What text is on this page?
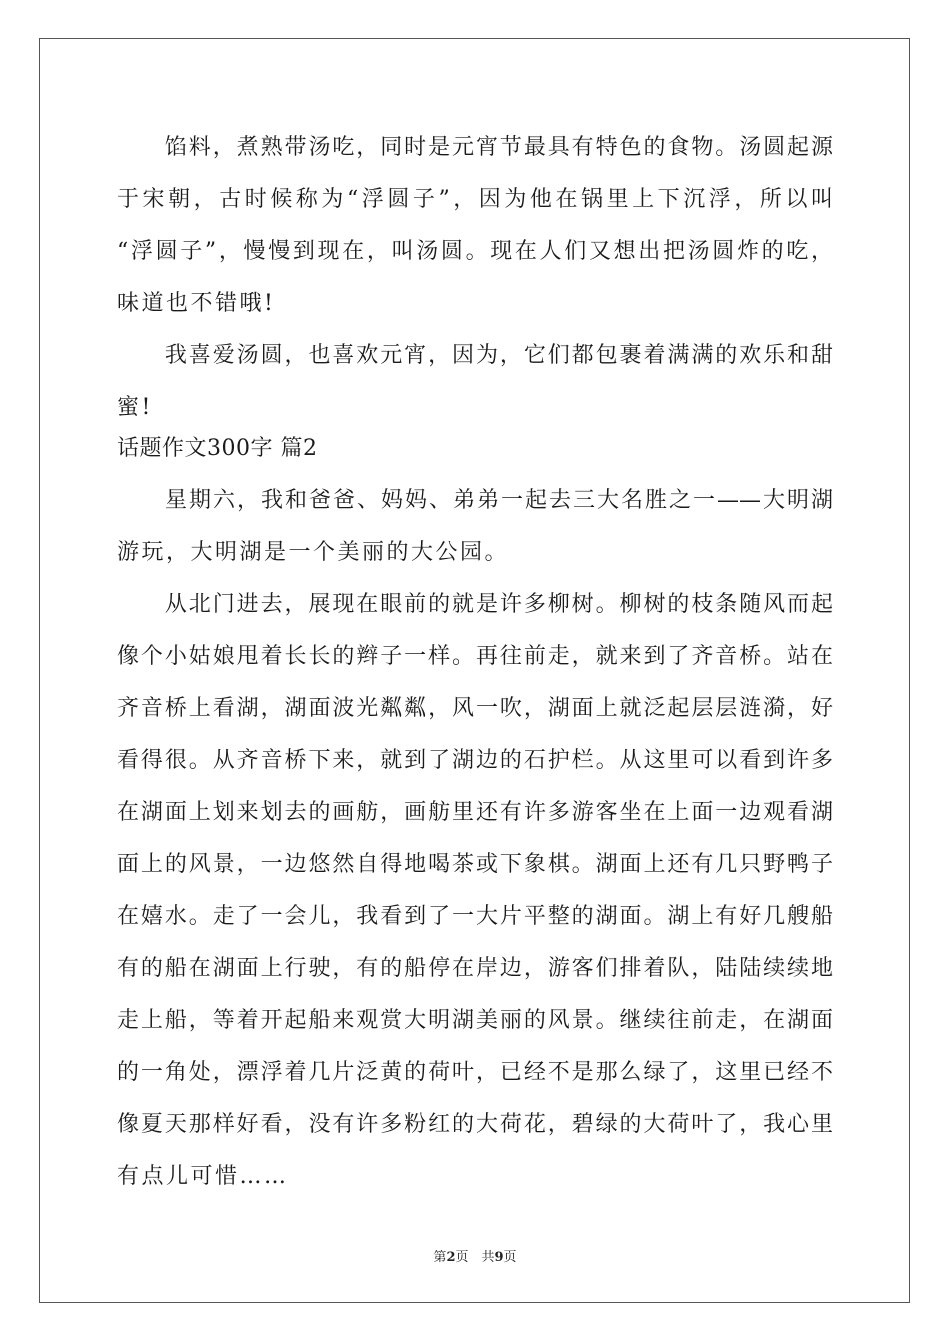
　　馅料，煮熟带汤吃，同时是元宵节最具有特色的食物。汤圆起源
于宋朝，古时候称为“浮圆子”，因为他在锅里上下沉浮，所以叫
“浮圆子”，慢慢到现在，叫汤圆。现在人们又想出把汤圆炸的吃，
味道也不错哦!
　　我喜爱汤圆，也喜欢元宵，因为，它们都包裹着满满的欢乐和甜
蜜!
话题作文300字 篇2
　　星期六，我和爸爸、妈妈、弟弟一起去三大名胜之一——大明湖
游玩，大明湖是一个美丽的大公园。
　　从北门进去，展现在眼前的就是许多柳树。柳树的枝条随风而起
像个小姑娘甩着长长的辫子一样。再往前走，就来到了齐音桥。站在
齐音桥上看湖，湖面波光粼粼，风一吹，湖面上就泛起层层涟漪，好
看得很。从齐音桥下来，就到了湖边的石护栏。从这里可以看到许多
在湖面上划来划去的画舫，画舫里还有许多游客坐在上面一边观看湖
面上的风景，一边悠然自得地喝茶或下象棋。湖面上还有几只野鸭子
在嬉水。走了一会儿，我看到了一大片平整的湖面。湖上有好几艘船
有的船在湖面上行驶，有的船停在岸边，游客们排着队，陆陆续续地
走上船，等着开起船来观赏大明湖美丽的风景。继续往前走，在湖面
的一角处，漂浮着几片泛黄的荷叶，已经不是那么绿了，这里已经不
像夏天那样好看，没有许多粉红的大荷花，碧绿的大荷叶了，我心里
有点儿可惜……
第2页　共9页
